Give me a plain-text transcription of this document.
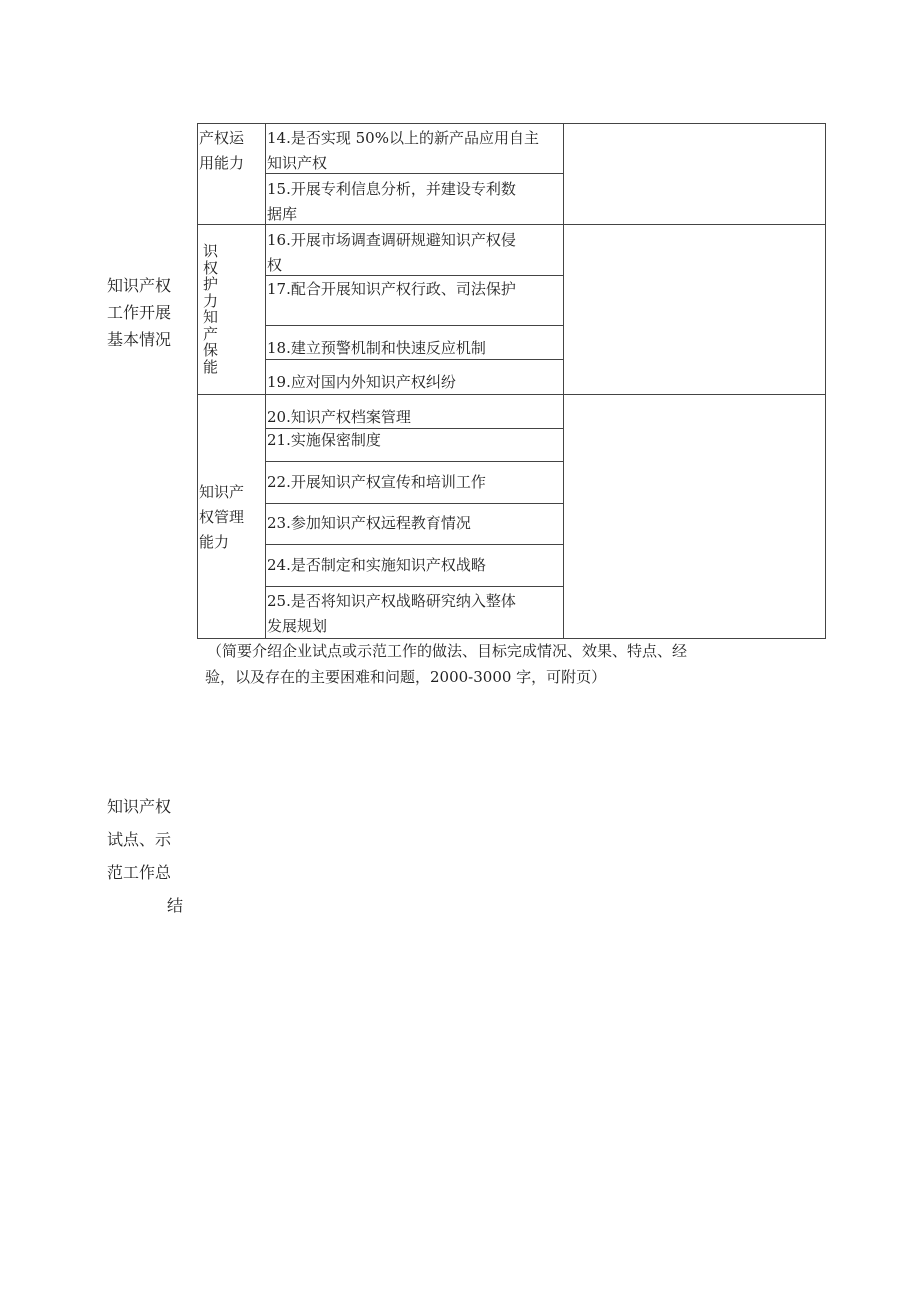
知识产权
工作开展
基本情况
产权运
用能力
识权护力知产保能
知识产
权管理
能力
14.是否实现 50%以上的新产品应用自主
知识产权
15.开展专利信息分析，并建设专利数
据库
16.开展市场调查调研规避知识产权侵
权
17.配合开展知识产权行政、司法保护
18.建立预警机制和快速反应机制
19.应对国内外知识产权纠纷
20.知识产权档案管理
21.实施保密制度
22.开展知识产权宣传和培训工作
23.参加知识产权远程教育情况
24.是否制定和实施知识产权战略
25.是否将知识产权战略研究纳入整体
发展规划
（简要介绍企业试点或示范工作的做法、目标完成情况、效果、特点、经
验，以及存在的主要困难和问题，2000-3000 字，可附页）
知识产权
试点、示
范工作总
结
